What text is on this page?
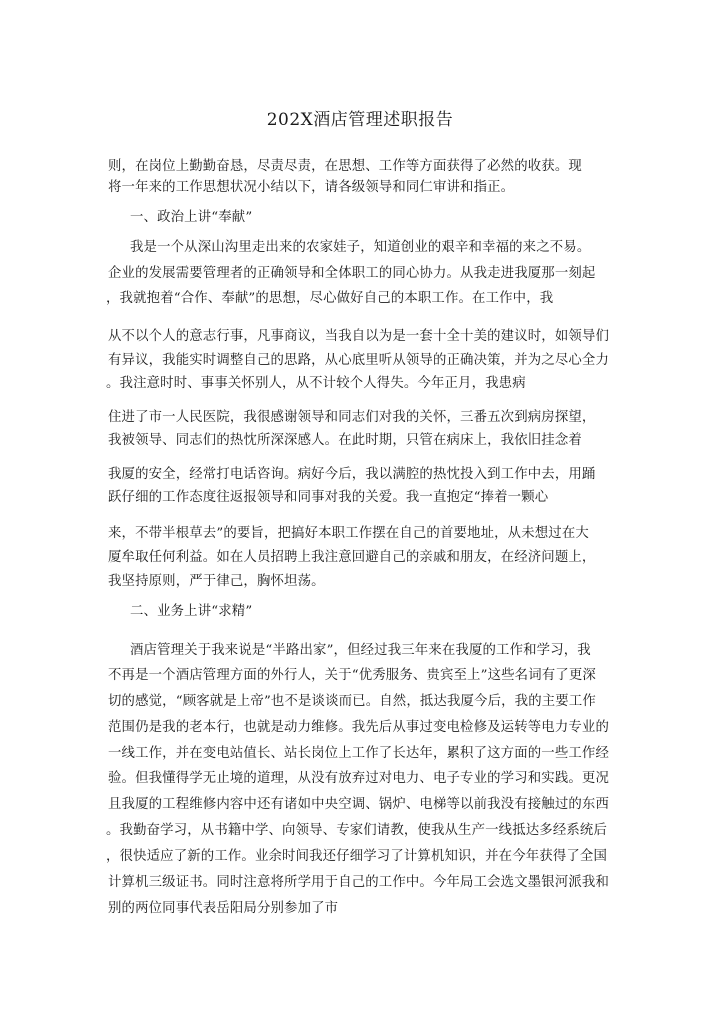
202X酒店管理述职报告
则，在岗位上勤勤奋恳，尽责尽责，在思想、工作等方面获得了必然的收获。现
将一年来的工作思想状况小结以下，请各级领导和同仁审讲和指正。
一、政治上讲“奉献”
我是一个从深山沟里走出来的农家娃子，知道创业的艰辛和幸福的来之不易。
企业的发展需要管理者的正确领导和全体职工的同心协力。从我走进我厦那一刻起
，我就抱着“合作、奉献”的思想，尽心做好自己的本职工作。在工作中，我
从不以个人的意志行事，凡事商议，当我自以为是一套十全十美的建议时，如领导们
有异议，我能实时调整自己的思路，从心底里听从领导的正确决策，并为之尽心全力
。我注意时时、事事关怀别人，从不计较个人得失。今年正月，我患病
住进了市一人民医院，我很感谢领导和同志们对我的关怀，三番五次到病房探望，
我被领导、同志们的热忱所深深感人。在此时期，只管在病床上，我依旧挂念着
我厦的安全，经常打电话咨询。病好今后，我以满腔的热忱投入到工作中去，用踊
跃仔细的工作态度往返报领导和同事对我的关爱。我一直抱定“捧着一颗心
来，不带半根草去”的要旨，把搞好本职工作摆在自己的首要地址，从未想过在大
厦牟取任何利益。如在人员招聘上我注意回避自己的亲戚和朋友，在经济问题上，
我坚持原则，严于律己，胸怀坦荡。
二、业务上讲“求精”
酒店管理关于我来说是“半路出家”，但经过我三年来在我厦的工作和学习，我
不再是一个酒店管理方面的外行人，关于“优秀服务、贵宾至上”这些名词有了更深
切的感觉，“顾客就是上帝”也不是谈谈而已。自然，抵达我厦今后，我的主要工作
范围仍是我的老本行，也就是动力维修。我先后从事过变电检修及运转等电力专业的
一线工作，并在变电站值长、站长岗位上工作了长达年，累积了这方面的一些工作经
验。但我懂得学无止境的道理，从没有放弃过对电力、电子专业的学习和实践。更况
且我厦的工程维修内容中还有诸如中央空调、锅炉、电梯等以前我没有接触过的东西
。我勤奋学习，从书籍中学、向领导、专家们请教，使我从生产一线抵达多经系统后
，很快适应了新的工作。业余时间我还仔细学习了计算机知识，并在今年获得了全国
计算机三级证书。同时注意将所学用于自己的工作中。今年局工会选文墨银河派我和
别的两位同事代表岳阳局分别参加了市
